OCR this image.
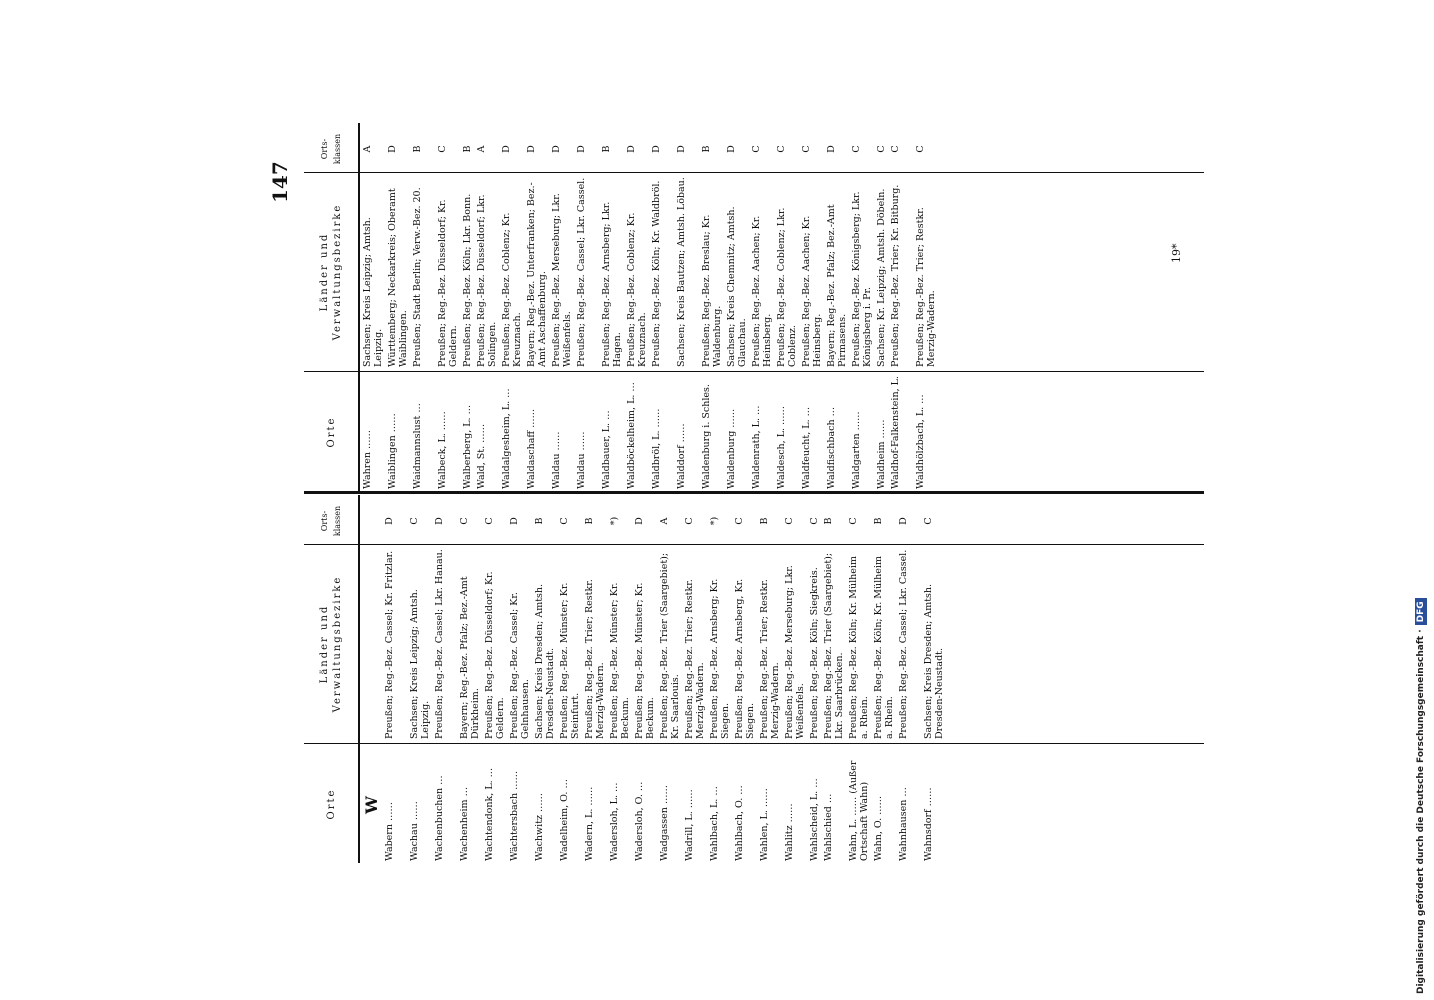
147
Orte
Länder und Verwaltungsbezirke
Orts-klassen
W Wabern ……
Preußen; Reg.-Bez. Cassel; Kr. Fritzlar.
D
Wachau ……
Sachsen; Kreis Leipzig; Amtsh. Leipzig.
C
Wachenbuchen …
Preußen; Reg.-Bez. Cassel; Lkr. Hanau.
D
Wachenheim …
Bayern; Reg.-Bez. Pfalz; Bez.-Amt Dürkheim.
C
Wachtendonk, L. …
Preußen; Reg.-Bez. Düsseldorf; Kr. Geldern.
C
Wächtersbach ……
Preußen; Reg.-Bez. Cassel; Kr. Gelnhausen.
D
Wachwitz ……
Sachsen; Kreis Dresden; Amtsh. Dresden-Neustadt.
B
Wadelheim, O. …
Preußen; Reg.-Bez. Münster; Kr. Steinfurt.
C
Wadern, L. ……
Preußen; Reg.-Bez. Trier; Restkr. Merzig-Wadern.
B
Wadersloh, L. …
Preußen; Reg.-Bez. Münster; Kr. Beckum.
*)
Wadersloh, O. …
Preußen; Reg.-Bez. Münster; Kr. Beckum.
D
Wadgassen ……
Preußen; Reg.-Bez. Trier (Saargebiet); Kr. Saarlouis.
A
Wadrill, L. ……
Preußen; Reg.-Bez. Trier; Restkr. Merzig-Wadern.
C
Wahlbach, L. …
Preußen; Reg.-Bez. Arnsberg; Kr. Siegen.
*)
Wahlbach, O. …
Preußen; Reg.-Bez. Arnsberg, Kr. Siegen.
C
Wahlen, L. ……
Preußen; Reg.-Bez. Trier; Restkr. Merzig-Wadern.
B
Wahlitz ……
Preußen; Reg.-Bez. Merseburg; Lkr. Weißenfels.
C
Wahlscheid, L. …
Preußen; Reg.-Bez. Köln; Siegkreis.
C
Wahlschied …
Preußen; Reg.-Bez. Trier (Saargebiet); Lkr. Saarbrücken.
B
Wahn, L. …… (Außer Ortschaft Wahn)
Preußen; Reg.-Bez. Köln; Kr. Mülheim a. Rhein.
C
Wahn, O. ……
Preußen; Reg.-Bez. Köln; Kr. Mülheim a. Rhein.
B
Wahnhausen …
Preußen; Reg.-Bez. Cassel; Lkr. Cassel.
D
Wahnsdorf ……
Sachsen; Kreis Dresden; Amtsh. Dresden-Neustadt.
C
Orte
Länder und Verwaltungsbezirke
Orts-klassen
Wahren ……
Sachsen; Kreis Leipzig; Amtsh. Leipzig.
A
Waiblingen ……
Württemberg; Neckarkreis; Oberamt Waiblingen.
D
Waidmannslust …
Preußen; Stadt Berlin; Verw.-Bez. 20.
B
Walbeck, L. ……
Preußen; Reg.-Bez. Düsseldorf; Kr. Geldern.
C
Walberberg, L. …
Preußen; Reg.-Bez. Köln; Lkr. Bonn.
B
Wald, St. ……
Preußen; Reg.-Bez. Düsseldorf; Lkr. Solingen.
A
Waldalgesheim, L. …
Preußen; Reg.-Bez. Coblenz; Kr. Kreuznach.
D
Waldaschaff ……
Bayern; Reg.-Bez. Unterfranken; Bez.-Amt Aschaffenburg.
D
Waldau ……
Preußen; Reg.-Bez. Merseburg; Lkr. Weißenfels.
D
Waldau ……
Preußen; Reg.-Bez. Cassel; Lkr. Cassel.
D
Waldbauer, L. …
Preußen; Reg.-Bez. Arnsberg; Lkr. Hagen.
B
Waldböckelheim, L. …
Preußen; Reg.-Bez. Coblenz; Kr. Kreuznach.
D
Waldbröl, L. ……
Preußen; Reg.-Bez. Köln; Kr. Waldbröl.
D
Walddorf ……
Sachsen; Kreis Bautzen; Amtsh. Löbau.
D
Waldenburg i. Schles.
Preußen; Reg.-Bez. Breslau; Kr. Waldenburg.
B
Waldenburg ……
Sachsen; Kreis Chemnitz; Amtsh. Glauchau.
D
Waldenrath, L. …
Preußen; Reg.-Bez. Aachen; Kr. Heinsberg.
C
Waldesch, L. ……
Preußen; Reg.-Bez. Coblenz; Lkr. Coblenz.
C
Waldfeucht, L. …
Preußen; Reg.-Bez. Aachen; Kr. Heinsberg.
C
Waldfischbach …
Bayern; Reg.-Bez. Pfalz; Bez.-Amt Pirmasens.
D
Waldgarten ……
Preußen; Reg.-Bez. Königsberg; Lkr. Königsberg i. Pr.
C
Waldheim ……
Sachsen; Kr. Leipzig; Amtsh. Döbeln.
C
Waldhof-Falkenstein, L.
Preußen; Reg.-Bez. Trier; Kr. Bitburg.
C
Waldhölzbach, L. …
Preußen; Reg.-Bez. Trier; Restkr. Merzig-Wadern.
C
19*
Digitalisierung gefördert durch die Deutsche Forschungsgemeinschaft ·DFG
